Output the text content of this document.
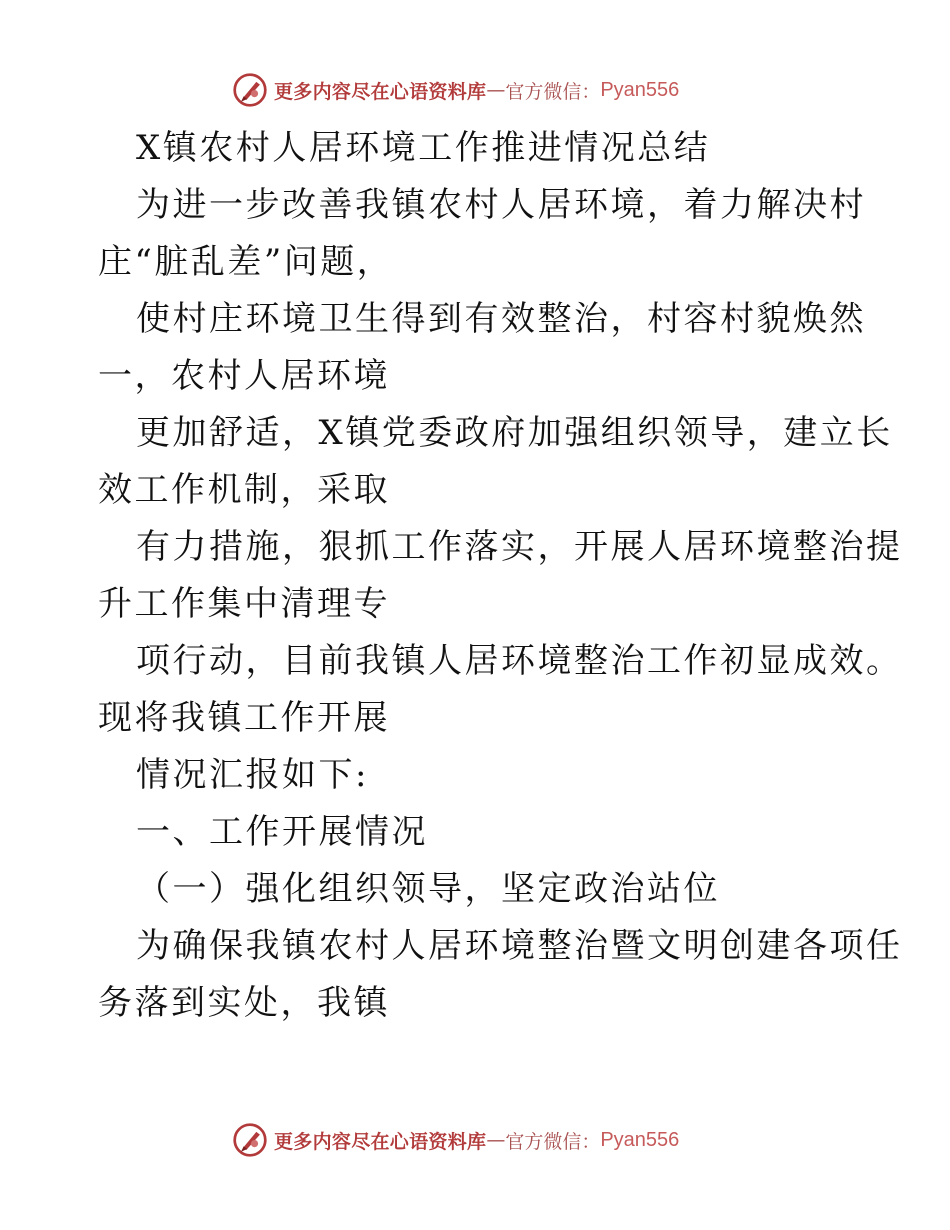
更多内容尽在心语资料库 — 官方微信： Pyan556
X镇农村人居环境工作推进情况总结
为进一步改善我镇农村人居环境，着力解决村
庄“脏乱差”问题，
使村庄环境卫生得到有效整治，村容村貌焕然
一，农村人居环境
更加舒适，X镇党委政府加强组织领导，建立长
效工作机制，采取
有力措施，狠抓工作落实，开展人居环境整治提
升工作集中清理专
项行动，目前我镇人居环境整治工作初显成效。
现将我镇工作开展
情况汇报如下:
一、工作开展情况
（一）强化组织领导，坚定政治站位
为确保我镇农村人居环境整治暨文明创建各项任
务落到实处，我镇
更多内容尽在心语资料库 — 官方微信： Pyan556
